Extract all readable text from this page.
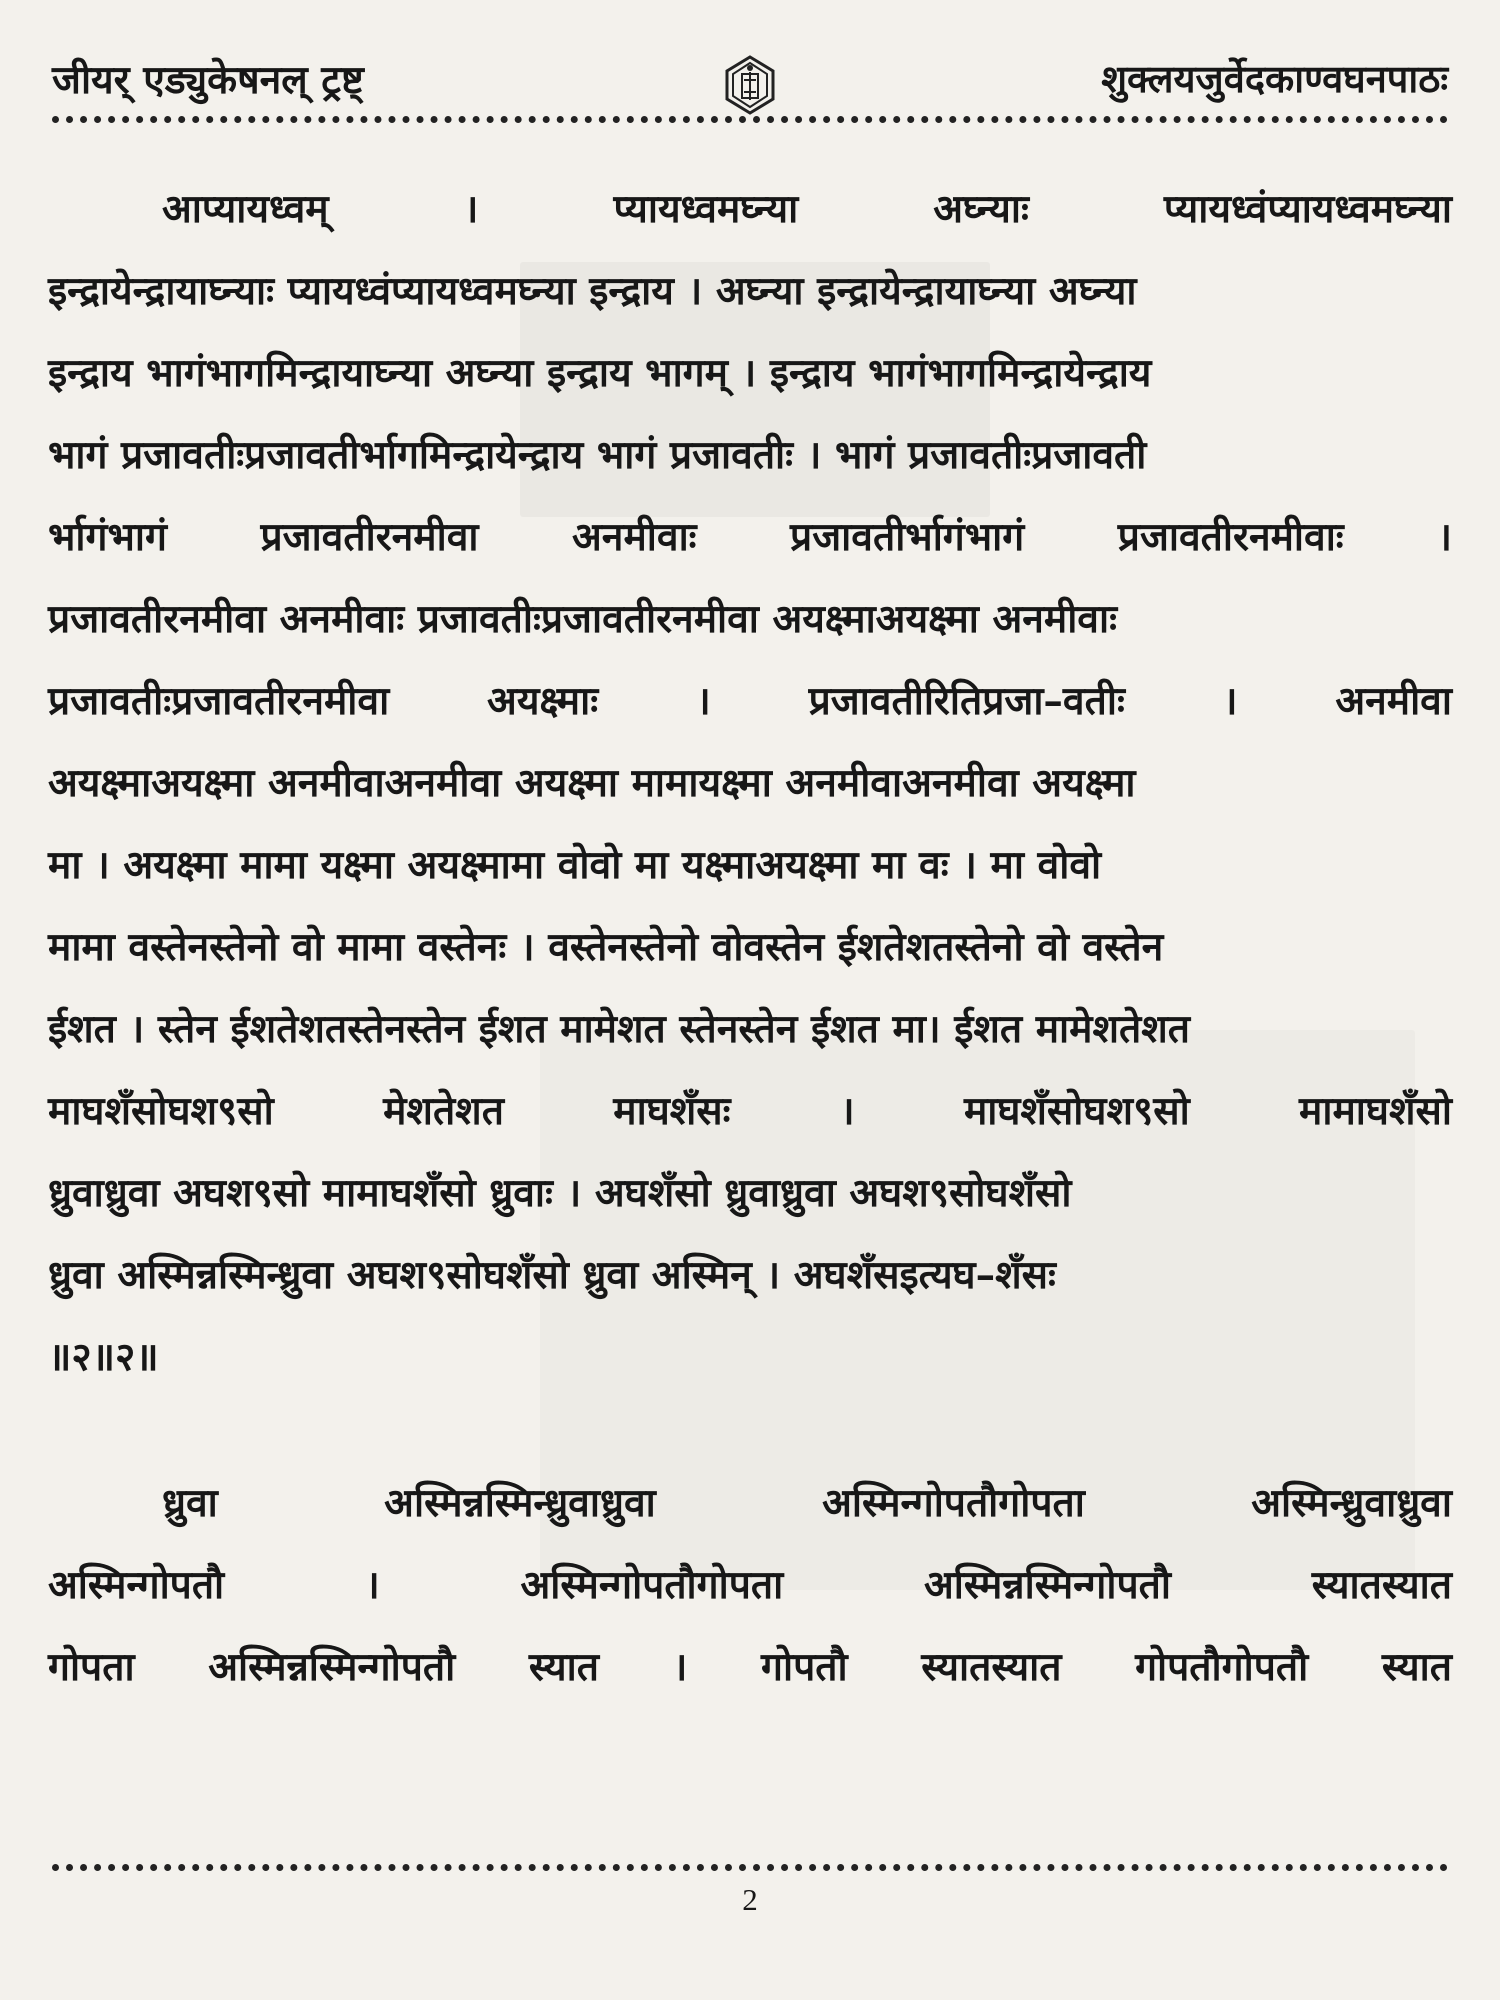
जीयर् एड्युकेषनल् ट्रष्ट्	शुक्लयजुर्वेदकाण्वघनपाठः
आप्यायध्वम्	।	प्यायध्वमघ्न्या	अघ्न्याः	प्यायध्वंप्यायध्वमघ्न्या
इन्द्रायेन्द्रायाघ्न्याः प्यायध्वंप्यायध्वमघ्न्या इन्द्राय । अघ्न्या इन्द्रायेन्द्रायाघ्न्या अघ्न्या
इन्द्राय भागंभागमिन्द्रायाघ्न्या अघ्न्या इन्द्राय भागम् । इन्द्राय भागंभागमिन्द्रायेन्द्राय
भागं प्रजावतीःप्रजावतीर्भागमिन्द्रायेन्द्राय भागं प्रजावतीः । भागं प्रजावतीःप्रजावती
र्भागंभागं प्रजावतीरनमीवा अनमीवाः प्रजावतीर्भागंभागं प्रजावतीरनमीवाः ।
प्रजावतीरनमीवा अनमीवाः प्रजावतीःप्रजावतीरनमीवा अयक्ष्माअयक्ष्मा अनमीवाः
प्रजावतीःप्रजावतीरनमीवा	अयक्ष्माः	।	प्रजावतीरितिप्रजा–वतीः	।	अनमीवा
अयक्ष्माअयक्ष्मा अनमीवाअनमीवा अयक्ष्मा मामायक्ष्मा अनमीवाअनमीवा अयक्ष्मा
मा । अयक्ष्मा मामा यक्ष्मा अयक्ष्मामा वोवो मा यक्ष्माअयक्ष्मा मा वः । मा वोवो
मामा वस्तेनस्तेनो वो मामा वस्तेनः । वस्तेनस्तेनो वोवस्तेन ईशतेशतस्तेनो वो वस्तेन
ईशत । स्तेन ईशतेशतस्तेनस्तेन ईशत मामेशत स्तेनस्तेन ईशत मा। ईशत मामेशतेशत
माघशँसोघश९सो	मेशतेशत	माघशँसः	।	माघशँसोघश९सो	मामाघशँसो
ध्रुवाध्रुवा अघश९सो मामाघशँसो ध्रुवाः । अघशँसो ध्रुवाध्रुवा अघश९सोघशँसो
ध्रुवा अस्मिन्नस्मिन्ध्रुवा अघश९सोघशँसो ध्रुवा अस्मिन् । अघशँसइत्यघ–शँसः
॥२॥२॥
ध्रुवा	अस्मिन्नस्मिन्ध्रुवाध्रुवा	अस्मिन्गोपतौगोपता	अस्मिन्ध्रुवाध्रुवा
अस्मिन्गोपतौ	।	अस्मिन्गोपतौगोपता	अस्मिन्नस्मिन्गोपतौ	स्यातस्यात
गोपता अस्मिन्नस्मिन्गोपतौ स्यात । गोपतौ स्यातस्यात गोपतौगोपतौ स्यात
2
